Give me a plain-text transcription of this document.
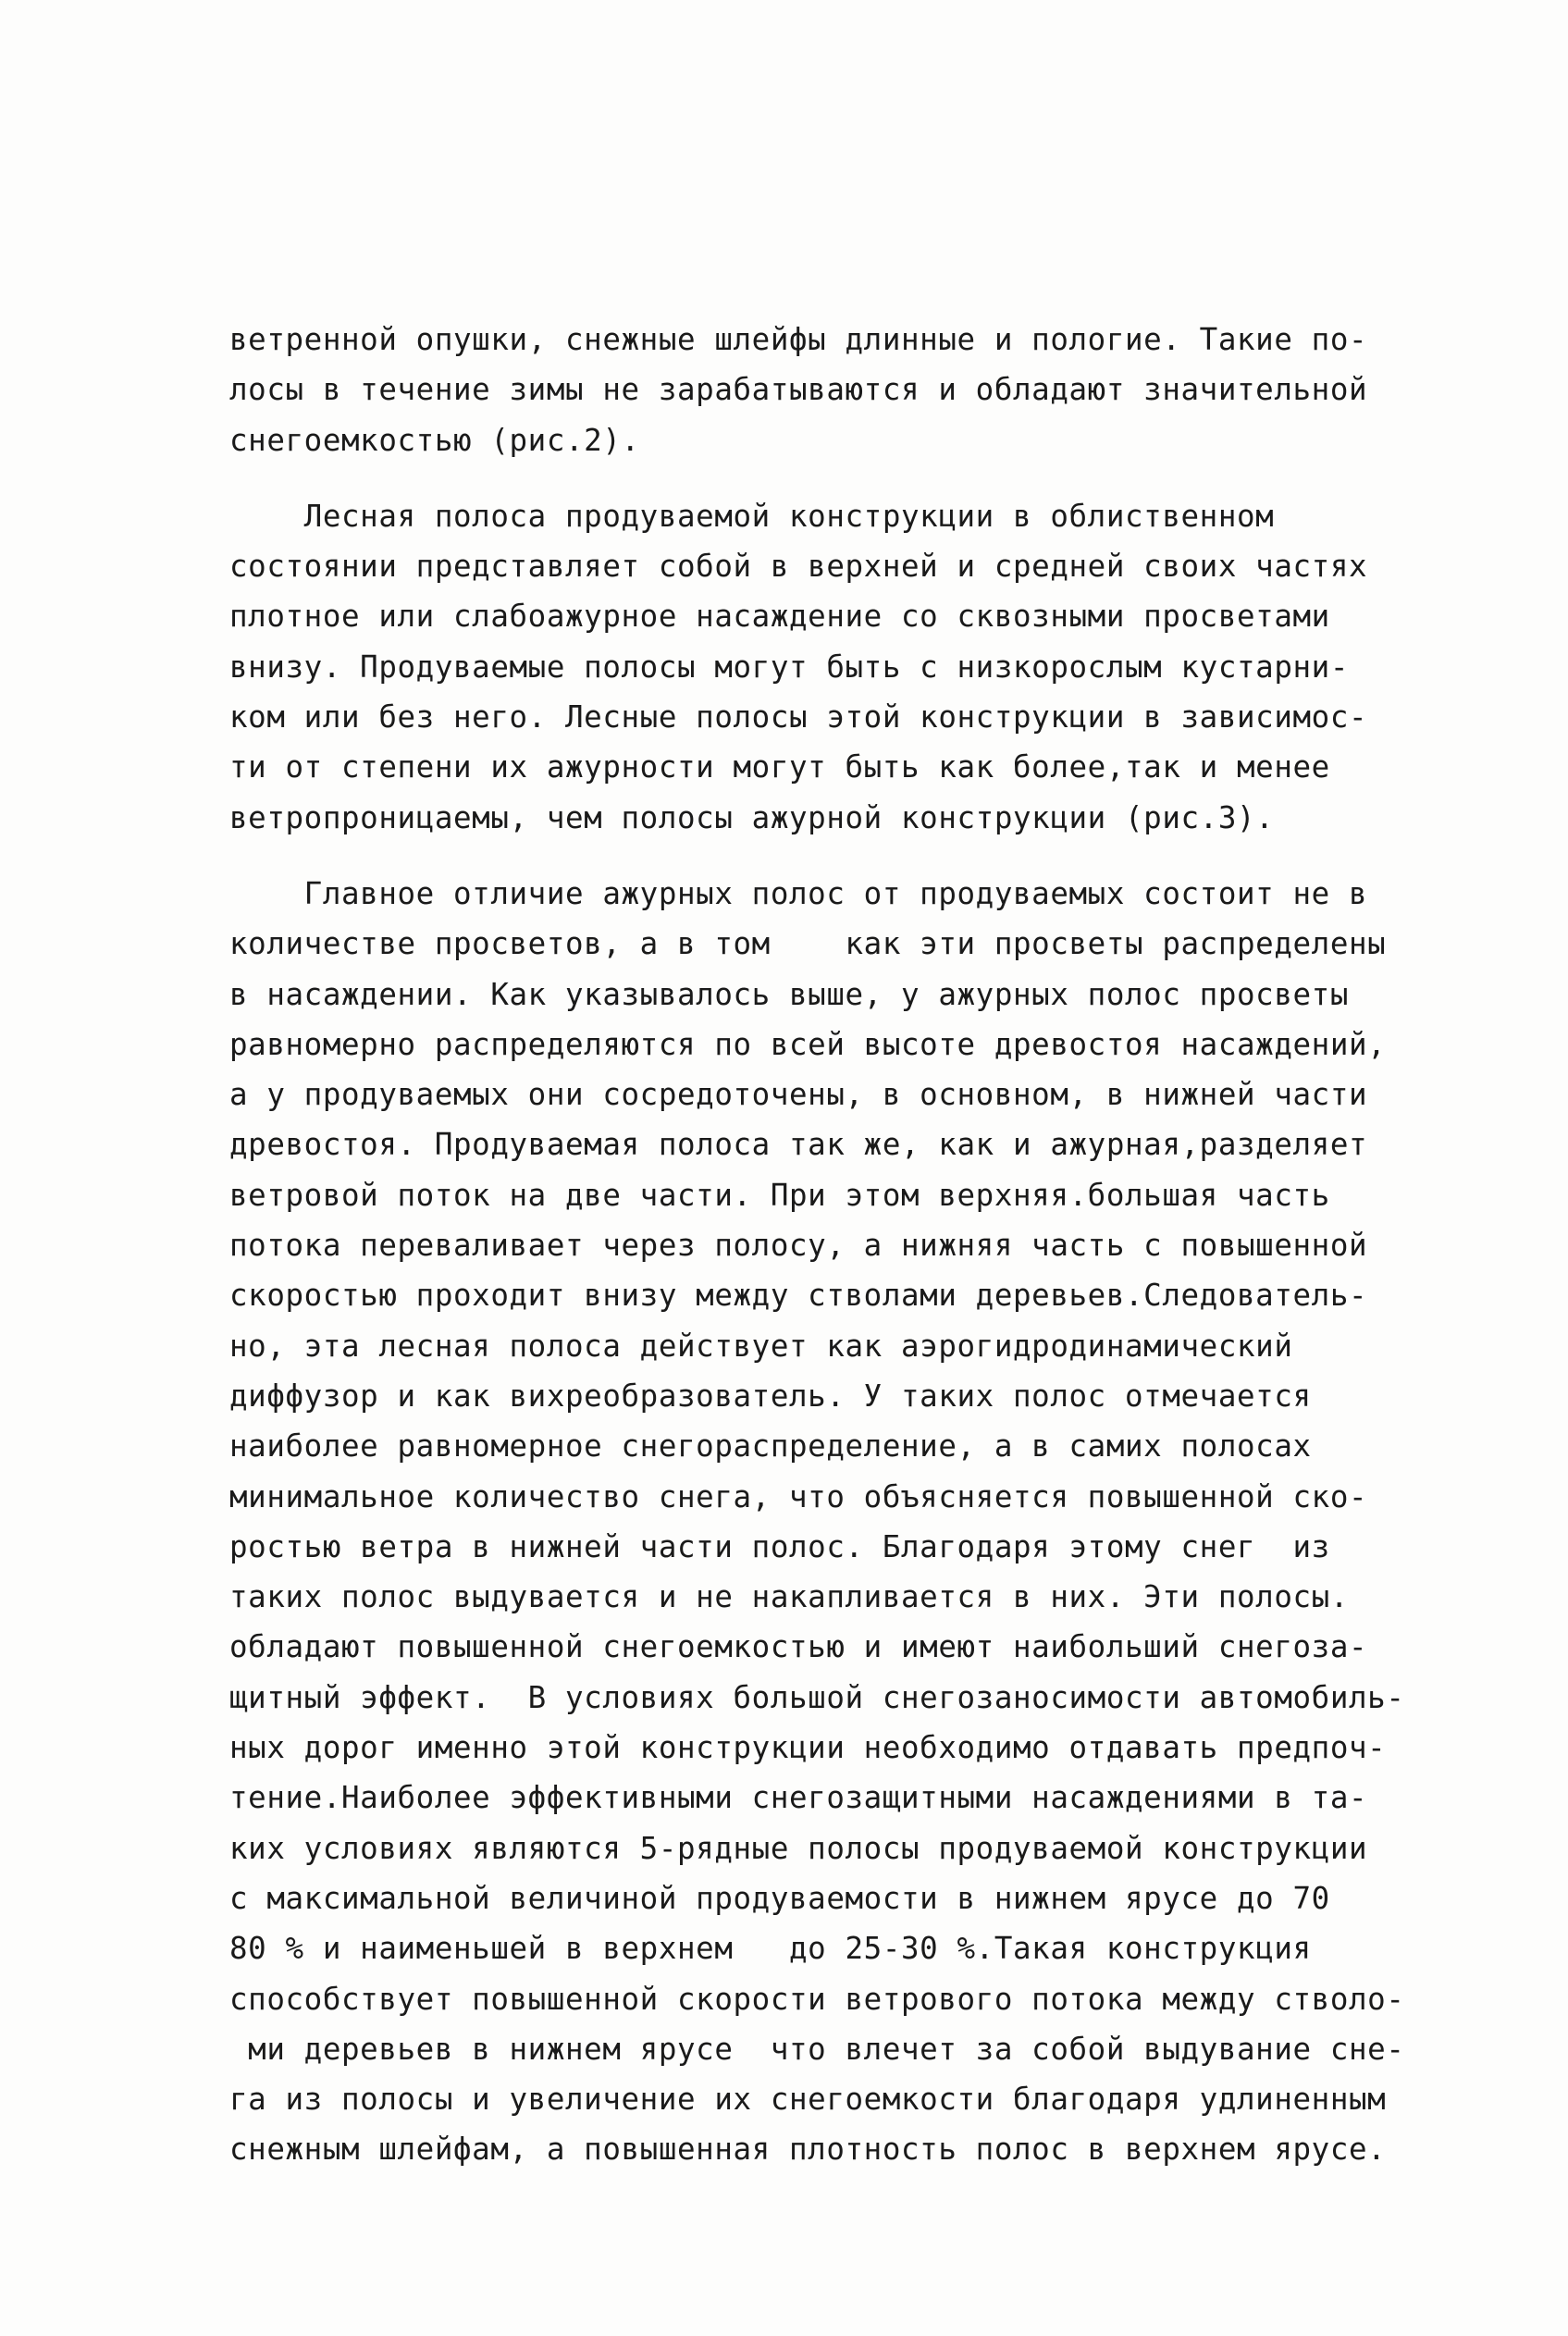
ветренной опушки, снежные шлейфы длинные и пологие. Такие по-
лосы в течение зимы не зарабатываются и обладают значительной
снегоемкостью (рис.2).
Лесная полоса продуваемой конструкции в облиственном
состоянии представляет собой в верхней и средней своих частях
плотное или слабоажурное насаждение со сквозными просветами
внизу. Продуваемые полосы могут быть с низкорослым кустарни-
ком или без него. Лесные полосы этой конструкции в зависимос-
ти от степени их ажурности могут быть как более,так и менее
ветропроницаемы, чем полосы ажурной конструкции (рис.3).
Главное отличие ажурных полос от продуваемых состоит не в
количестве просветов, а в том    как эти просветы распределены
в насаждении. Как указывалось выше, у ажурных полос просветы
равномерно распределяются по всей высоте древостоя насаждений,
а у продуваемых они сосредоточены, в основном, в нижней части
древостоя. Продуваемая полоса так же, как и ажурная,разделяет
ветровой поток на две части. При этом верхняя.большая часть
потока переваливает через полосу, а нижняя часть с повышенной
скоростью проходит внизу между стволами деревьев.Следователь-
но, эта лесная полоса действует как аэрогидродинамический
диффузор и как вихреобразователь. У таких полос отмечается
наиболее равномерное снегораспределение, а в самих полосах
минимальное количество снега, что объясняется повышенной ско-
ростью ветра в нижней части полос. Благодаря этому снег  из
таких полос выдувается и не накапливается в них. Эти полосы.
обладают повышенной снегоемкостью и имеют наибольший снегоза-
щитный эффект.  В условиях большой снегозаносимости автомобиль-
ных дорог именно этой конструкции необходимо отдавать предпоч-
тение.Наиболее эффективными снегозащитными насаждениями в та-
ких условиях являются 5-рядные полосы продуваемой конструкции
с максимальной величиной продуваемости в нижнем ярусе до 70
80 % и наименьшей в верхнем   до 25-30 %.Такая конструкция
способствует повышенной скорости ветрового потока между стволо-
ми деревьев в нижнем ярусе  что влечет за собой выдувание сне-
га из полосы и увеличение их снегоемкости благодаря удлиненным
снежным шлейфам, а повышенная плотность полос в верхнем ярусе.
